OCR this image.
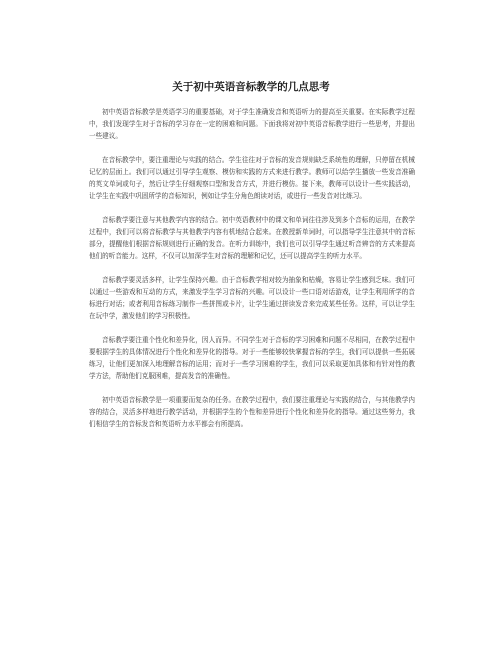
关于初中英语音标教学的几点思考

初中英语音标教学是英语学习的重要基础，对于学生准确发音和英语听力的提高至关重要。在实际教学过程中，我们发现学生对于音标的学习存在一定的困难和问题。下面我将对初中英语音标教学进行一些思考，并提出一些建议。

在音标教学中，要注重理论与实践的结合。学生往往对于音标的发音规则缺乏系统性的理解，只停留在机械记忆的层面上。我们可以通过引导学生观察、模仿和实践的方式来进行教学。教师可以给学生播放一些发音准确的英文单词或句子，然后让学生仔细观察口型和发音方式，并进行模仿。接下来，教师可以设计一些实践活动，让学生在实践中巩固所学的音标知识，例如让学生分角色朗读对话，或进行一些发音对比练习。

音标教学要注意与其他教学内容的结合。初中英语教材中的课文和单词往往涉及到多个音标的运用，在教学过程中，我们可以将音标教学与其他教学内容有机地结合起来。在教授新单词时，可以指导学生注意其中的音标部分，提醒他们根据音标规则进行正确的发音。在听力训练中，我们也可以引导学生通过听音辨音的方式来提高他们的听音能力。这样，不仅可以加深学生对音标的理解和记忆，还可以提高学生的听力水平。

音标教学要灵活多样，让学生保持兴趣。由于音标教学相对较为抽象和枯燥，容易让学生感到乏味。我们可以通过一些游戏和互动的方式，来激发学生学习音标的兴趣。可以设计一些口语对话游戏，让学生利用所学的音标进行对话；或者利用音标练习制作一些拼图或卡片，让学生通过拼读发音来完成某些任务。这样，可以让学生在玩中学，激发他们的学习积极性。

音标教学要注重个性化和差异化，因人而异。不同学生对于音标的学习困难和问题不尽相同，在教学过程中要根据学生的具体情况进行个性化和差异化的指导。对于一些能够较快掌握音标的学生，我们可以提供一些拓展练习，让他们更加深入地理解音标的运用；而对于一些学习困难的学生，我们可以采取更加具体和有针对性的教学方法，帮助他们克服困难，提高发音的准确性。

初中英语音标教学是一项重要而复杂的任务。在教学过程中，我们要注重理论与实践的结合，与其他教学内容的结合，灵活多样地进行教学活动，并根据学生的个性和差异进行个性化和差异化的指导。通过这些努力，我们相信学生的音标发音和英语听力水平都会有所提高。
